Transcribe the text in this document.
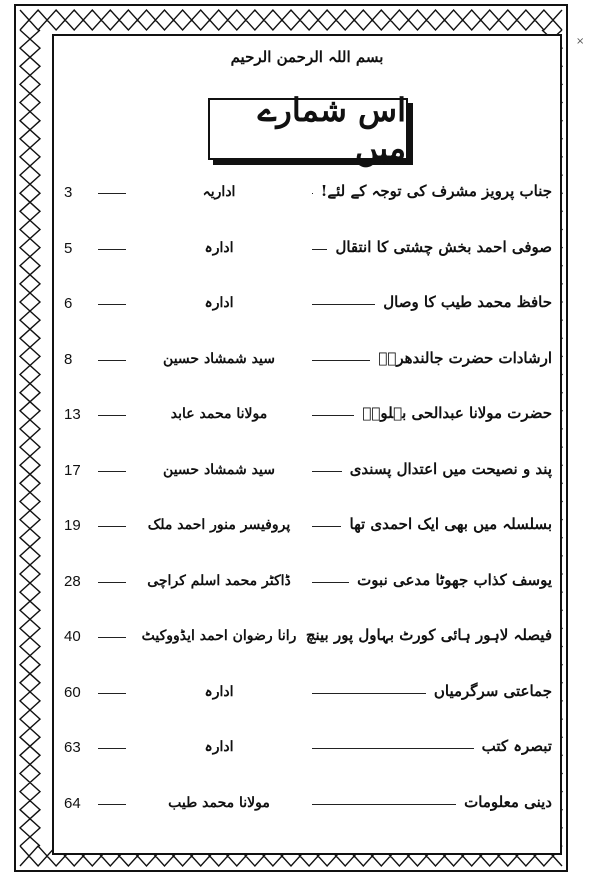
بسم اللہ الرحمن الرحیم
اس شمارے میں
جناب پرویز مشرف کی توجہ کے لئے!
اداریہ
3
صوفی احمد بخش چشتی کا انتقال
ادارہ
5
حافظ محمد طیب کا وصال
ادارہ
6
ارشادات حضرت جالندھریؒ
سید شمشاد حسین
8
حضرت مولانا عبدالحی بہلویؒ
مولانا محمد عابد
13
پند و نصیحت میں اعتدال پسندی
سید شمشاد حسین
17
بسلسلہ میں بھی ایک احمدی تھا
پروفیسر منور احمد ملک
19
یوسف کذاب جھوٹا مدعی نبوت
ڈاکٹر محمد اسلم کراچی
28
فیصلہ لاہور ہائی کورٹ بہاول پور بینچ
رانا رضوان احمد ایڈووکیٹ
40
جماعتی سرگرمیاں
ادارہ
60
تبصرہ کتب
ادارہ
63
دینی معلومات
مولانا محمد طیب
64
×
